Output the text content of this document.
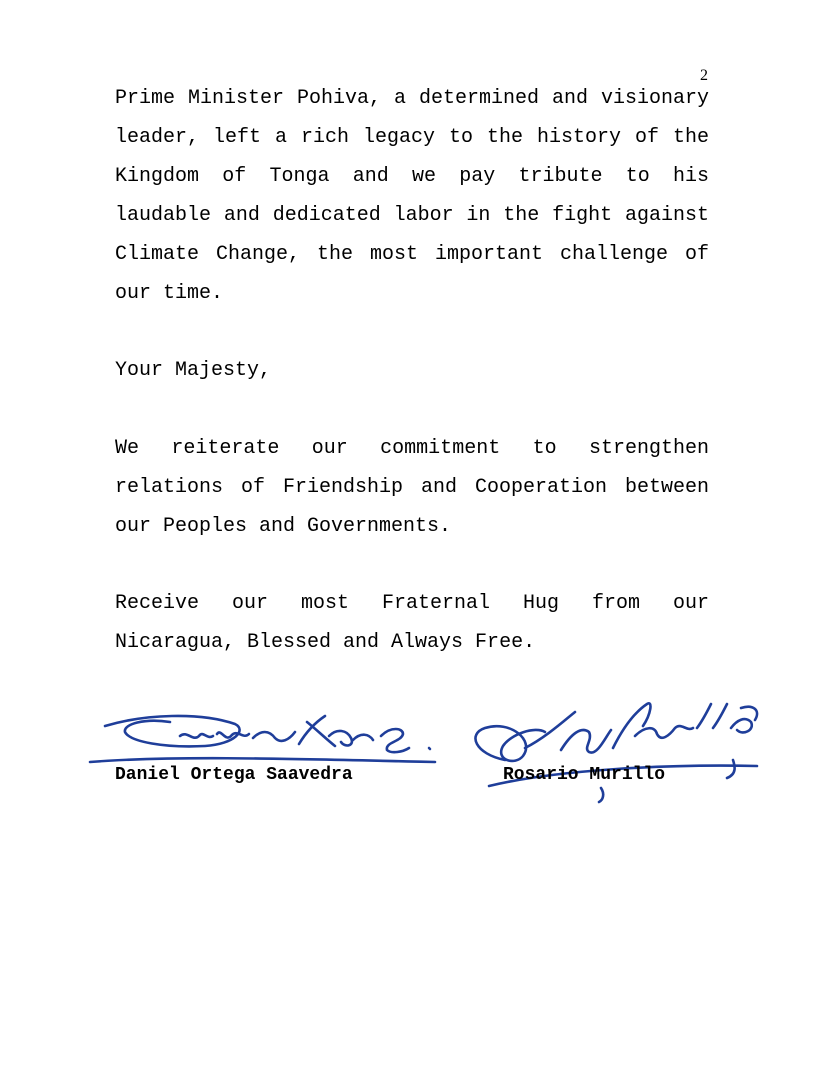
2

Prime Minister Pohiva, a determined and visionary leader, left a rich legacy to the history of the Kingdom of Tonga and we pay tribute to his laudable and dedicated labor in the fight against Climate Change, the most important challenge of our time.

Your Majesty,

We reiterate our commitment to strengthen relations of Friendship and Cooperation between our Peoples and Governments.

Receive our most Fraternal Hug from our Nicaragua, Blessed and Always Free.

Daniel Ortega Saavedra	Rosario Murillo
